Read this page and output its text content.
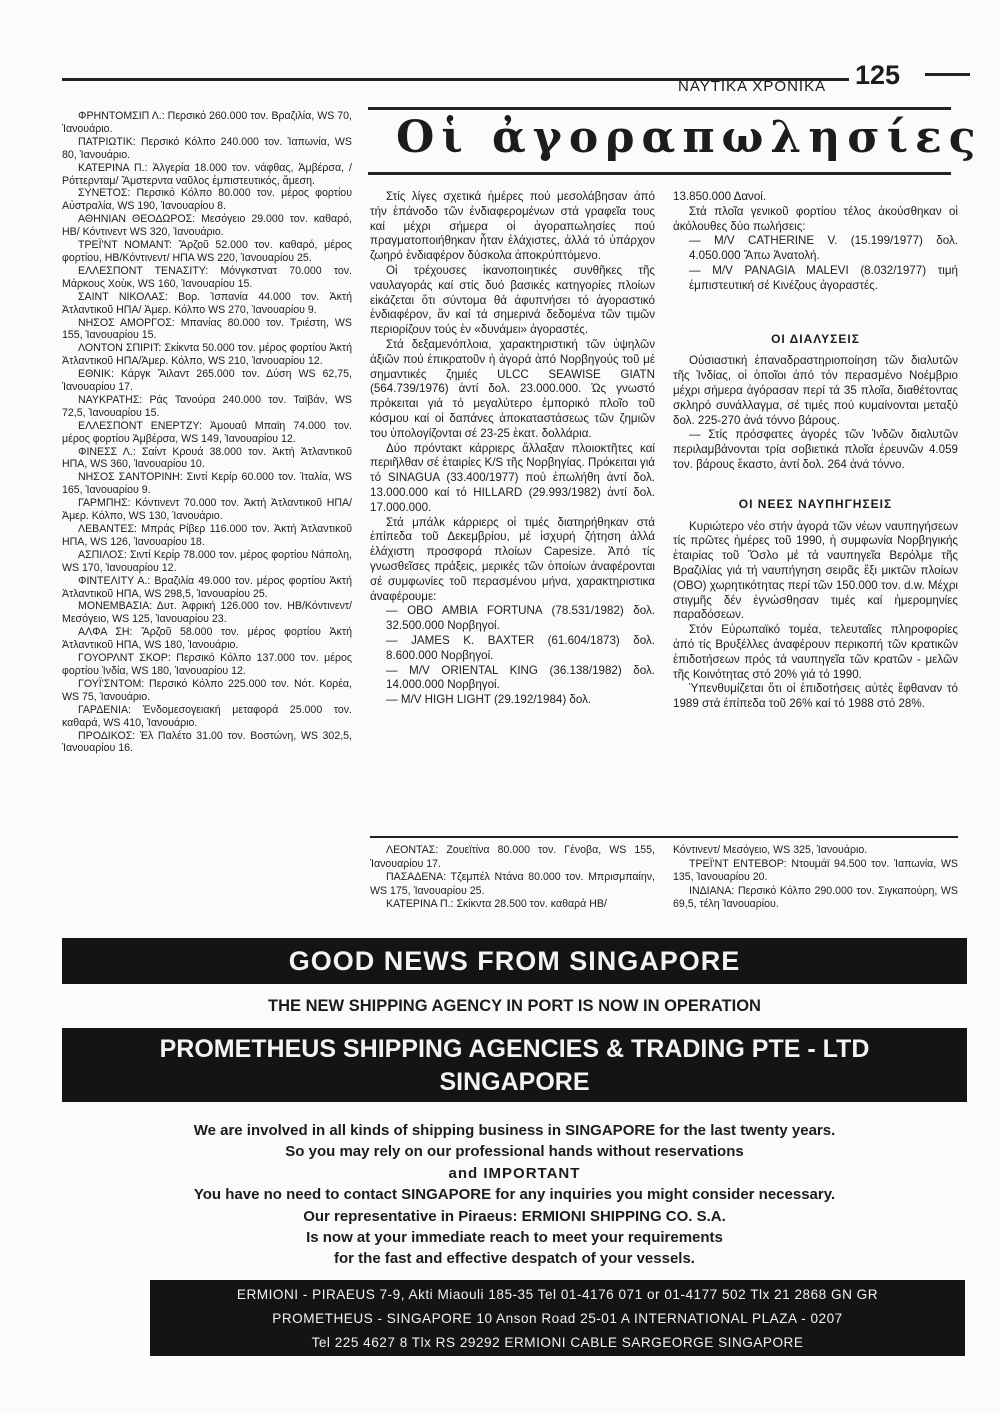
ΝΑΥΤΙΚΑ ΧΡΟΝΙΚΑ 125
Οἱ ἀγοραπωλησίες

ΦΡΗΝΤΟΜΣΙΠ Λ.: Περσικό 260.000 τον. Βραζιλία, WS 70, Ἰανουάριο.

ΠΑΤΡΙΩΤΙΚ: Περσικό Κόλπο 240.000 τον. Ἰαπωνία, WS 80, Ἰανουάριο.

ΚΑΤΕΡΙΝΑ Π.: Ἀλγερία 18.000 τον. νάφθας, Ἀμβέρσα, /Ρόττερνταμ/ Ἄμστερντα ναῦλος ἐμπιστευτικός, ἄμεση.

ΣΥΝΕΤΟΣ: Περσικό Κόλπο 80.000 τον. μέρος φορτίου Αὐστραλία, WS 190, Ἰανουαρίου 8.

ΑΘΗΝΙΑΝ ΘΕΟΔΩΡΟΣ: Μεσόγειο 29.000 τον. καθαρό, ΗΒ/ Κόντινεντ WS 320, Ἰανουάριο.

ΤΡΕΪ'ΝΤ ΝΟΜΑΝΤ: Ἄρζοῦ 52.000 τον. καθαρό, μέρος φορτίου, ΗΒ/Κόντινεντ/ ΗΠΑ WS 220, Ἰανουαρίου 25.

ΕΛΛΕΣΠΟΝΤ ΤΕΝΑΣΙΤΥ: Μόνγκστνατ 70.000 τον. Μάρκους Χοὺκ, WS 160, Ἰανουαρίου 15.

ΣΑΙΝΤ ΝΙΚΟΛΑΣ: Βορ. Ἰσπανία 44.000 τον. Ἀκτή Ἀτλαντικοῦ ΗΠΑ/ Ἀμερ. Κόλπο WS 270, Ἰανουαρίου 9.

ΝΗΣΟΣ ΑΜΟΡΓΟΣ: Μπανίας 80.000 τον. Τριέστη, WS 155, Ἰανουαρίου 15.

ΛΟΝΤΟΝ ΣΠΙΡΙΤ: Σκίκντα 50.000 τον. μέρος φορτίου Ἀκτή Ἀτλαντικοῦ ΗΠΑ/Ἀμερ. Κόλπο, WS 210, Ἰανουαρίου 12.

ΕΘΝΙΚ: Κάργκ Ἄιλαντ 265.000 τον. Δύση WS 62,75, Ἰανουαρίου 17.

ΝΑΥΚΡΑΤΗΣ: Ράς Τανούρα 240.000 τον. Ταϊβάν, WS 72,5, Ἰανουαρίου 15.

ΕΛΛΕΣΠΟΝΤ ΕΝΕΡΤΖΥ: Ἀμουαΰ Μπαϊη 74.000 τον. μέρος φορτίου Ἀμβέρσα, WS 149, Ἰανουαρίου 12.

ΦΙΝΕΣΣ Λ.: Σαίντ Κρουά 38.000 τον. Ἀκτή Ἀτλαντικοῦ ΗΠΑ, WS 360, Ἰανουαρίου 10.

ΝΗΣΟΣ ΣΑΝΤΟΡΙΝΗ: Σιντί Κερίρ 60.000 τον. Ἰταλία, WS 165, Ἰανουαρίου 9.

ΓΑΡΜΠΗΣ: Κόντινεντ 70.000 τον. Ἀκτή Ἀτλαντικοῦ ΗΠΑ/Ἀμερ. Κόλπο, WS 130, Ἰανουάριο.

ΛΕΒΑΝΤΕΣ: Μπράς Ρίβερ 116.000 τον. Ἀκτή Ἀτλαντικοῦ ΗΠΑ, WS 126, Ἰανουαρίου 18.

ΑΣΠΙΛΟΣ: Σιντί Κερίρ 78.000 τον. μέρος φορτίου Νάπολη, WS 170, Ἰανουαρίου 12.

ΦΙΝΤΕΛΙΤΥ Α.: Βραζιλία 49.000 τον. μέρος φορτίου Ἀκτή Ἀτλαντικοῦ ΗΠΑ, WS 298,5, Ἰανουαρίου 25.

ΜΟΝΕΜΒΑΣΙΑ: Δυτ. Ἀφρική 126.000 τον. ΗΒ/Κόντινεντ/ Μεσόγειο, WS 125, Ἰανουαρίου 23.

ΑΛΦΑ ΣΗ: Ἄρζοῦ 58.000 τον. μέρος φορτίου Ἀκτή Ἀτλαντικοῦ ΗΠΑ, WS 180, Ἰανουάριο.

ΓΟΥΟΡΛΝΤ ΣΚΟΡ: Περσικό Κόλπο 137.000 τον. μέρος φορτίου Ἰνδία, WS 180, Ἰανουαρίου 12.

ΓΟΥΪ'ΣΝΤΟΜ: Περσικό Κόλπο 225.000 τον. Νότ. Κορέα, WS 75, Ἰανουάριο.

ΓΑΡΔΕΝΙΑ: Ἐνδομεσογειακή μεταφορά 25.000 τον. καθαρά, WS 410, Ἰανουάριο.

ΠΡΟΔΙΚΟΣ: Ἐλ Παλέτο 31.00 τον. Βοστώνη, WS 302,5, Ἰανουαρίου 16.

Στίς λίγες σχετικά ἡμέρες πού μεσολάβησαν ἀπό τήν ἐπάνοδο τῶν ἐνδιαφερομένων στά γραφεῖα τους καί μέχρι σήμερα οἱ ἀγοραπωλησίες πού πραγματοποιήθηκαν ἦταν ἐλάχιστες, ἀλλά τό ὑπάρχον ζωηρό ἐνδιαφέρον δύσκολα ἀποκρύπτόμενο.

Οἱ τρέχουσες ἱκανοποιητικές συνθῆκες τῆς ναυλαγοράς καί στίς δυό βασικές κατηγορίες πλοίων εἰκάζεται ὅτι σύντομα θά ἀφυπνήσει τό ἀγοραστικό ἐνδιαφέρον, ἄν καί τά σημερινά δεδομένα τῶν τιμῶν περιορίζουν τούς ἐν «δυνάμει» ἀγοραστές.

Στά δεξαμενόπλοια, χαρακτηριστική τῶν ὑψηλῶν ἀξιῶν πού ἐπικρατοῦν ἡ ἀγορά ἀπό Νορβηγούς τοῦ μέ σημαντικές ζημιές ULCC SEAWISE GIATN (564.739/1976) ἀντί δολ. 23.000.000. Ὡς γνωστό πρόκειται γιά τό μεγαλύτερο ἐμπορικό πλοῖο τοῦ κόσμου καί οἱ δαπάνες ἀποκαταστάσεως τῶν ζημιῶν του ὑπολογίζονται σέ 23-25 ἑκατ. δολλάρια.

Δύο πρόντακτ κάρριερς ἄλλαξαν πλοιοκτῆτες καί περιῆλθαν σέ ἑταιρίες K/S τῆς Νορβηγίας. Πρόκειται γιά τό SINAGUA (33.400/1977) πού ἐπωλήθη ἀντί δολ. 13.000.000 καί τό HILLARD (29.993/1982) ἀντί δολ. 17.000.000.

Στά μπάλκ κάρριερς οἱ τιμές διατηρήθηκαν στά ἐπίπεδα τοῦ Δεκεμβρίου, μέ ἰσχυρή ζήτηση ἀλλά ἐλάχιστη προσφορά πλοίων Capesize. Ἀπό τίς γνωσθεῖσες πράξεις, μερικές τῶν ὁποίων ἀναφέρονται σέ συμφωνίες τοῦ περασμένου μήνα, χαρακτηριστικα ἀναφέρουμε:

— OBO AMBIA FORTUNA (78.531/1982) δολ. 32.500.000 Νορβηγοί.

— JAMES K. BAXTER (61.604/1873) δολ. 8.600.000 Νορβηγοί.

— M/V ORIENTAL KING (36.138/1982) δολ. 14.000.000 Νορβηγοί.

— M/V HIGH LIGHT (29.192/1984) δολ.

13.850.000 Δανοί.

Στά πλοῖα γενικοῦ φορτίου τέλος ἀκούσθηκαν οἱ ἀκόλουθες δύο πωλήσεις:

— M/V CATHERINE V. (15.199/1977) δολ. 4.050.000 Ἄπω Ἀνατολή.

— M/V PANAGIA MALEVI (8.032/1977) τιμή ἐμπιστευτική σέ Κινέζους ἀγοραστές.

ΟΙ ΔΙΑΛΥΣΕΙΣ

Οὐσιαστική ἐπαναδραστηριοποίηση τῶν διαλυτῶν τῆς Ἰνδίας, οἱ ὁποῖοι ἀπό τόν περασμένο Νοέμβριο μέχρι σήμερα ἀγόρασαν περί τά 35 πλοῖα, διαθέτοντας σκληρό συνάλλαγμα, σέ τιμές πού κυμαίνονται μεταξύ δολ. 225-270 ἀνά τόννο βάρους.

— Στίς πρόσφατες ἀγορές τῶν Ἰνδῶν διαλυτῶν περιλαμβάνονται τρία σοβιετικά πλοῖα ἐρευνῶν 4.059 τον. βάρους ἕκαστο, ἀντί δολ. 264 ἀνά τόννο.

ΟΙ ΝΕΕΣ ΝΑΥΠΗΓΗΣΕΙΣ

Κυριώτερο νέο στήν ἀγορά τῶν νέων ναυπηγήσεων τίς πρῶτες ἡμέρες τοῦ 1990, ἡ συμφωνία Νορβηγικής ἑταιρίας τοῦ Ὄσλο μέ τά ναυπηγεῖα Βερόλμε τῆς Βραζιλίας γιά τή ναυπήγηση σειρᾶς ἕξι μικτῶν πλοίων (ΟΒΟ) χωρητικότητας περί τῶν 150.000 τον. d.w. Μέχρι στιγμῆς δέν ἐγνώσθησαν τιμές καί ἡμερομηνίες παραδόσεων.

Στόν Εὐρωπαϊκό τομέα, τελευταῖες πληροφορίες ἀπό τίς Βρυξέλλες ἀναφέρουν περικοπή τῶν κρατικῶν ἐπιδοτήσεων πρός τά ναυπηγεῖα τῶν κρατῶν - μελῶν τῆς Κοινότητας στό 20% γιά τό 1990.

Ὑπενθυμίζεται ὅτι οἱ ἐπιδοτήσεις αὐτές ἔφθαναν τό 1989 στά ἐπίπεδα τοῦ 26% καί τό 1988 στό 28%.

ΛΕΟΝΤΑΣ: Ζουεϊτίνα 80.000 τον. Γένοβα, WS 155, Ἰανουαρίου 17.

ΠΑΣΑΔΕΝΑ: Τζεμπέλ Ντάνα 80.000 τον. Μπρισμπαίην, WS 175, Ἰανουαρίου 25.

ΚΑΤΕΡΙΝΑ Π.: Σκίκντα 28.500 τον. καθαρά ΗΒ/

Κόντινεντ/ Μεσόγειο, WS 325, Ἰανουάριο.

ΤΡΕΪ'ΝΤ ΕΝΤΕΒΟΡ: Ντουμάϊ 94.500 τον. Ἰαπωνία, WS 135, Ἰανουαρίου 20.

ΙΝΔΙΑΝΑ: Περσικό Κόλπο 290.000 τον. Σιγκαπούρη, WS 69,5, τέλη Ἰανουαρίου.

GOOD NEWS FROM SINGAPORE
THE NEW SHIPPING AGENCY IN PORT IS NOW IN OPERATION
PROMETHEUS SHIPPING AGENCIES & TRADING PTE - LTD
SINGAPORE

We are involved in all kinds of shipping business in SINGAPORE for the last twenty years.

So you may rely on our professional hands without reservations

and IMPORTANT

You have no need to contact SINGAPORE for any inquiries you might consider necessary.

Our representative in Piraeus: ERMIONI SHIPPING CO. S.A.

Is now at your immediate reach to meet your requirements

for the fast and effective despatch of your vessels.

ERMIONI - PIRAEUS 7-9, Akti Miaouli 185-35 Tel 01-4176 071 or 01-4177 502 Tlx 21 2868 GN GR

PROMETHEUS - SINGAPORE 10 Anson Road 25-01 A INTERNATIONAL PLAZA - 0207

Tel 225 4627 8 Tlx RS 29292 ERMIONI CABLE SARGEORGE SINGAPORE
